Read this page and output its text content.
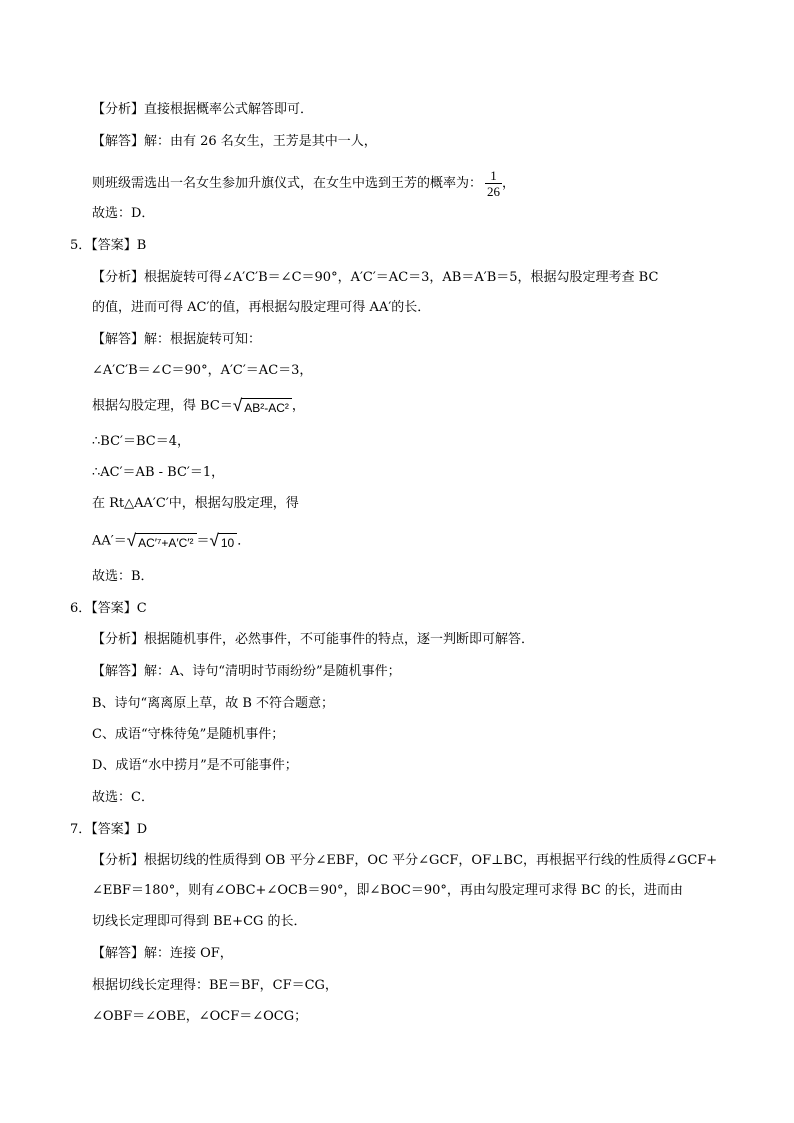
【分析】直接根据概率公式解答即可．
【解答】解：由有 26 名女生，王芳是其中一人，
则班级需选出一名女生参加升旗仪式，在女生中选到王芳的概率为： $\frac{1}{26}$ ，
故选：D．
5．【答案】B
【分析】根据旋转可得∠A′C′B＝∠C＝90°，A′C′＝AC＝3，AB＝A′B＝5，根据勾股定理考查 BC
的值，进而可得 AC′的值，再根据勾股定理可得 AA′的长．
【解答】解：根据旋转可知：
∠A′C′B＝∠C＝90°，A′C′＝AC＝3，
根据勾股定理，得 BC＝ √ AB²-AC² ，
∴BC′＝BC＝4，
∴AC′＝AB - BC′＝1，
在 Rt△AA′C′中，根据勾股定理，得
AA′＝ √ AC′⁷+A′C′² ＝ √ 10 ．
故选：B．
6．【答案】C
【分析】根据随机事件，必然事件，不可能事件的特点，逐一判断即可解答．
【解答】解：A、诗句“清明时节雨纷纷”是随机事件；
B、诗句“离离原上草，故 B 不符合题意；
C、成语“守株待兔”是随机事件；
D、成语“水中捞月”是不可能事件；
故选：C．
7．【答案】D
【分析】根据切线的性质得到 OB 平分∠EBF，OC 平分∠GCF，OF⊥BC，再根据平行线的性质得∠GCF+
∠EBF＝180°，则有∠OBC+∠OCB＝90°，即∠BOC＝90°，再由勾股定理可求得 BC 的长，进而由
切线长定理即可得到 BE+CG 的长．
【解答】解：连接 OF，
根据切线长定理得：BE＝BF，CF＝CG，
∠OBF＝∠OBE，∠OCF＝∠OCG；
